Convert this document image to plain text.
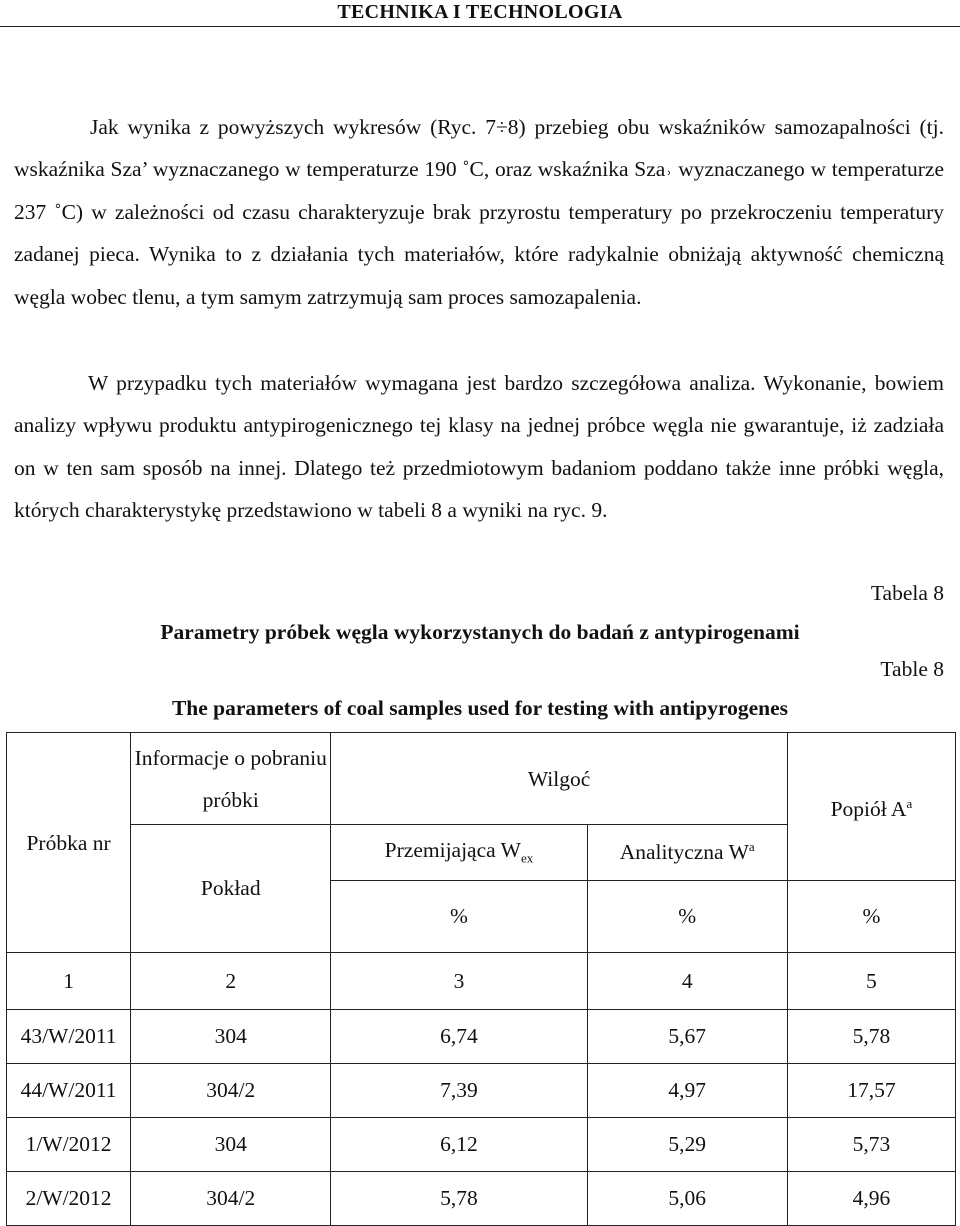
TECHNIKA I TECHNOLOGIA

Jak wynika z powyższych wykresów (Ryc. 7÷8) przebieg obu wskaźników samozapalności (tj. wskaźnika Sza’ wyznaczanego w temperaturze 190 ˚C, oraz wskaźnika Sza˒ wyznaczanego w temperaturze 237 ˚C) w zależności od czasu charakteryzuje brak przyrostu temperatury po przekroczeniu temperatury zadanej pieca. Wynika to z działania tych materiałów, które radykalnie obniżają aktywność chemiczną węgla wobec tlenu, a tym samym zatrzymują sam proces samozapalenia.

W przypadku tych materiałów wymagana jest bardzo szczegółowa analiza. Wykonanie, bowiem analizy wpływu produktu antypirogenicznego tej klasy na jednej próbce węgla nie gwarantuje, iż zadziała on w ten sam sposób na innej. Dlatego też przedmiotowym badaniom poddano także inne próbki węgla, których charakterystykę przedstawiono w tabeli 8 a wyniki na ryc. 9.

Tabela 8
Parametry próbek węgla wykorzystanych do badań z antypirogenami
Table 8
The parameters of coal samples used for testing with antipyrogenes
Próbka nr	Informacje o pobraniu próbki	Wilgoć		Popiół $A^a$
	Pokład	Przemijająca $W_{ex}$	Analityczna $W^a$
		%	%	%
1	2	3	4	5
43/W/2011	304	6,74	5,67	5,78
44/W/2011	304/2	7,39	4,97	17,57
1/W/2012	304	6,12	5,29	5,73
2/W/2012	304/2	5,78	5,06	4,96
